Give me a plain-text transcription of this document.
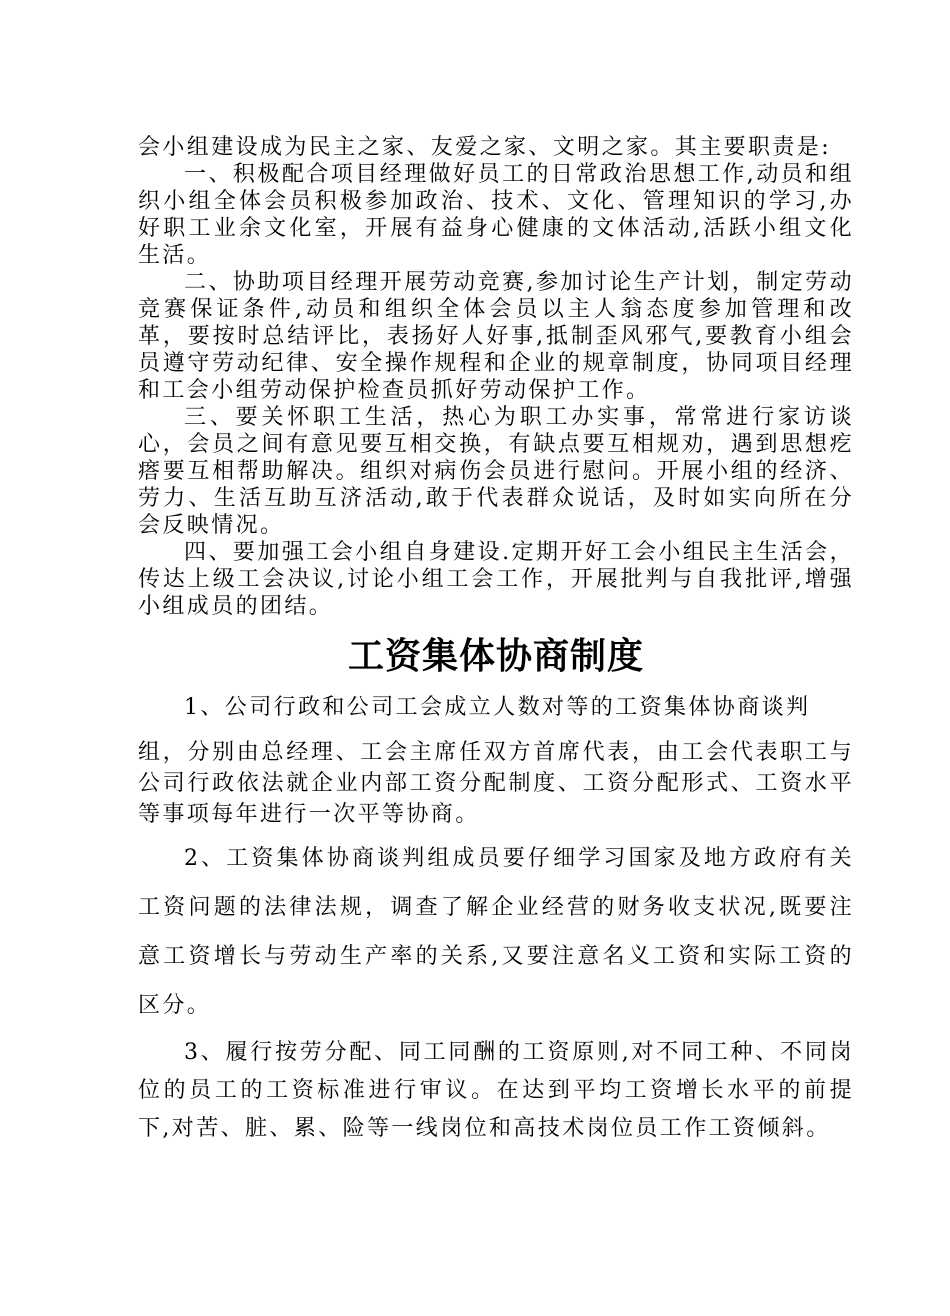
会小组建设成为民主之家、友爱之家、文明之家。其主要职责是:

一、积极配合项目经理做好员工的日常政治思想工作,动员和组织小组全体会员积极参加政治、技术、文化、管理知识的学习,办好职工业余文化室，开展有益身心健康的文体活动,活跃小组文化生活。

二、协助项目经理开展劳动竞赛,参加讨论生产计划，制定劳动竞赛保证条件,动员和组织全体会员以主人翁态度参加管理和改革，要按时总结评比，表扬好人好事,抵制歪风邪气,要教育小组会员遵守劳动纪律、安全操作规程和企业的规章制度，协同项目经理和工会小组劳动保护检查员抓好劳动保护工作。

三、要关怀职工生活，热心为职工办实事，常常进行家访谈心，会员之间有意见要互相交换，有缺点要互相规劝，遇到思想疙瘩要互相帮助解决。组织对病伤会员进行慰问。开展小组的经济、劳力、生活互助互济活动,敢于代表群众说话，及时如实向所在分会反映情况。

四、要加强工会小组自身建设.定期开好工会小组民主生活会，传达上级工会决议,讨论小组工会工作，开展批判与自我批评,增强小组成员的团结。

工资集体协商制度

1、公司行政和公司工会成立人数对等的工资集体协商谈判
组，分别由总经理、工会主席任双方首席代表，由工会代表职工与公司行政依法就企业内部工资分配制度、工资分配形式、工资水平等事项每年进行一次平等协商。

2、工资集体协商谈判组成员要仔细学习国家及地方政府有关工资问题的法律法规，调查了解企业经营的财务收支状况,既要注意工资增长与劳动生产率的关系,又要注意名义工资和实际工资的区分。

3、履行按劳分配、同工同酬的工资原则,对不同工种、不同岗位的员工的工资标准进行审议。在达到平均工资增长水平的前提下,对苦、脏、累、险等一线岗位和高技术岗位员工作工资倾斜。
